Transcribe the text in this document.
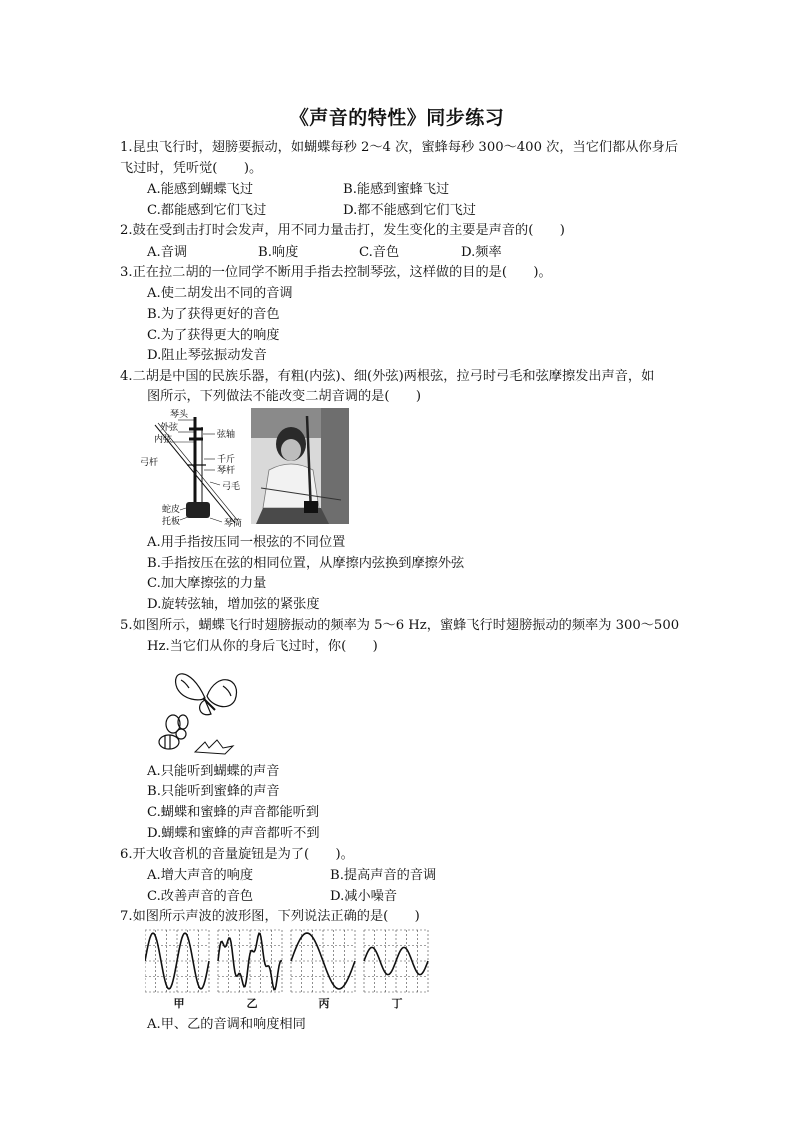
《声音的特性》同步练习
1.昆虫飞行时，翅膀要振动，如蝴蝶每秒 2～4 次，蜜蜂每秒 300～400 次，当它们都从你身后
飞过时，凭听觉(　　)。
A.能感到蝴蝶飞过	B.能感到蜜蜂飞过
C.都能感到它们飞过	D.都不能感到它们飞过
2.鼓在受到击打时会发声，用不同力量击打，发生变化的主要是声音的(　　)
A.音调	B.响度	C.音色	D.频率
3.正在拉二胡的一位同学不断用手指去控制琴弦，这样做的目的是(　　)。
A.使二胡发出不同的音调
B.为了获得更好的音色
C.为了获得更大的响度
D.阻止琴弦振动发音
4.二胡是中国的民族乐器，有粗(内弦)、细(外弦)两根弦，拉弓时弓毛和弦摩擦发出声音，如
图所示，下列做法不能改变二胡音调的是(　　)
琴头
外弦
内弦	弦轴
弓杆	千斤
琴杆
弓毛
蛇皮
托板	琴筒
A.用手指按压同一根弦的不同位置
B.手指按压在弦的相同位置，从摩擦内弦换到摩擦外弦
C.加大摩擦弦的力量
D.旋转弦轴，增加弦的紧张度
5.如图所示，蝴蝶飞行时翅膀振动的频率为 5～6 Hz，蜜蜂飞行时翅膀振动的频率为 300～500
Hz.当它们从你的身后飞过时，你(　　)
A.只能听到蝴蝶的声音
B.只能听到蜜蜂的声音
C.蝴蝶和蜜蜂的声音都能听到
D.蝴蝶和蜜蜂的声音都听不到
6.开大收音机的音量旋钮是为了(　　)。
A.增大声音的响度	B.提高声音的音调
C.改善声音的音色	D.减小噪音
7.如图所示声波的波形图，下列说法正确的是(　　)
甲	乙	丙	丁
A.甲、乙的音调和响度相同
